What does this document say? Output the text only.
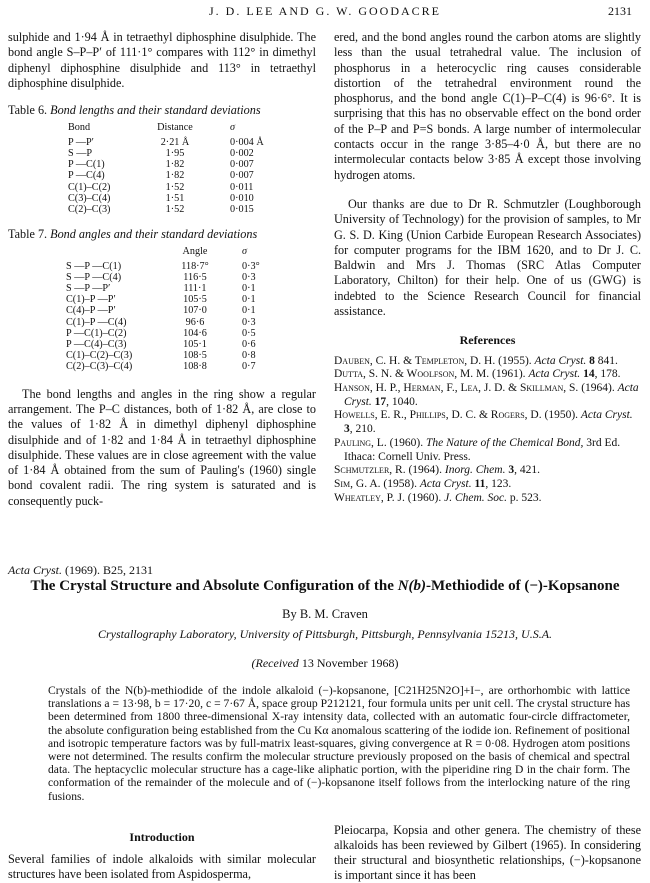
J. D. LEE AND G. W. GOODACRE	2131

sulphide and 1·94 Å in tetraethyl diphosphine disulphide. The bond angle S–P–P′ of 111·1° compares with 112° in dimethyl diphenyl diphosphine disulphide and 113° in tetraethyl diphosphine disulphide.

Table 6. Bond lengths and their standard deviations

Bond	Distance	σ
P —P′	2·21 Å	0·004 Å
S —P	1·95	0·002
P —C(1)	1·82	0·007
P —C(4)	1·82	0·007
C(1)–C(2)	1·52	0·011
C(3)–C(4)	1·51	0·010
C(2)–C(3)	1·52	0·015

Table 7. Bond angles and their standard deviations

	Angle	σ
S —P —C(1)	118·7°	0·3°
S —P —C(4)	116·5	0·3
S —P —P′	111·1	0·1
C(1)–P —P′	105·5	0·1
C(4)–P —P′	107·0	0·1
C(1)–P —C(4)	96·6	0·3
P —C(1)–C(2)	104·6	0·5
P —C(4)–C(3)	105·1	0·6
C(1)–C(2)–C(3)	108·5	0·8
C(2)–C(3)–C(4)	108·8	0·7

The bond lengths and angles in the ring show a regular arrangement. The P–C distances, both of 1·82 Å, are close to the values of 1·82 Å in dimethyl diphenyl diphosphine disulphide and of 1·82 and 1·84 Å in tetraethyl diphosphine disulphide. These values are in close agreement with the value of 1·84 Å obtained from the sum of Pauling's (1960) single bond covalent radii. The ring system is saturated and is consequently puck-

ered, and the bond angles round the carbon atoms are slightly less than the usual tetrahedral value. The inclusion of phosphorus in a heterocyclic ring causes considerable distortion of the tetrahedral environment round the phosphorus, and the bond angle C(1)–P–C(4) is 96·6°. It is surprising that this has no observable effect on the bond order of the P–P and P=S bonds. A large number of intermolecular contacts occur in the range 3·85–4·0 Å, but there are no intermolecular contacts below 3·85 Å except those involving hydrogen atoms.

Our thanks are due to Dr R. Schmutzler (Loughborough University of Technology) for the provision of samples, to Mr G. S. D. King (Union Carbide European Research Associates) for computer programs for the IBM 1620, and to Dr J. C. Baldwin and Mrs J. Thomas (SRC Atlas Computer Laboratory, Chilton) for their help. One of us (GWG) is indebted to the Science Research Council for financial assistance.

References

Dauben, C. H. & Templeton, D. H. (1955). Acta Cryst. 8 841.

Dutta, S. N. & Woolfson, M. M. (1961). Acta Cryst. 14, 178.

Hanson, H. P., Herman, F., Lea, J. D. & Skillman, S. (1964). Acta Cryst. 17, 1040.

Howells, E. R., Phillips, D. C. & Rogers, D. (1950). Acta Cryst. 3, 210.

Pauling, L. (1960). The Nature of the Chemical Bond, 3rd Ed. Ithaca: Cornell Univ. Press.

Schmutzler, R. (1964). Inorg. Chem. 3, 421.

Sim, G. A. (1958). Acta Cryst. 11, 123.

Wheatley, P. J. (1960). J. Chem. Soc. p. 523.

Acta Cryst. (1969). B25, 2131
The Crystal Structure and Absolute Configuration of the N(b)-Methiodide of (−)-Kopsanone
By B. M. Craven
Crystallography Laboratory, University of Pittsburgh, Pittsburgh, Pennsylvania 15213, U.S.A.
(Received 13 November 1968)

Crystals of the N(b)-methiodide of the indole alkaloid (−)-kopsanone, [C21H25N2O]+I−, are orthorhombic with lattice translations a = 13·98, b = 17·20, c = 7·67 Å, space group P212121, four formula units per unit cell. The crystal structure has been determined from 1800 three-dimensional X-ray intensity data, collected with an automatic four-circle diffractometer, the absolute configuration being established from the Cu Kα anomalous scattering of the iodide ion. Refinement of positional and isotropic temperature factors was by full-matrix least-squares, giving convergence at R = 0·08. Hydrogen atom positions were not determined. The results confirm the molecular structure previously proposed on the basis of chemical and spectral data. The heptacyclic molecular structure has a cage-like aliphatic portion, with the piperidine ring D in the chair form. The conformation of the remainder of the molecule and of (−)-kopsanone itself follows from the interlocking nature of the ring fusions.

Introduction

Several families of indole alkaloids with similar molecular structures have been isolated from Aspidosperma,

Pleiocarpa, Kopsia and other genera. The chemistry of these alkaloids has been reviewed by Gilbert (1965). In considering their structural and biosynthetic relationships, (−)-kopsanone is important since it has been
